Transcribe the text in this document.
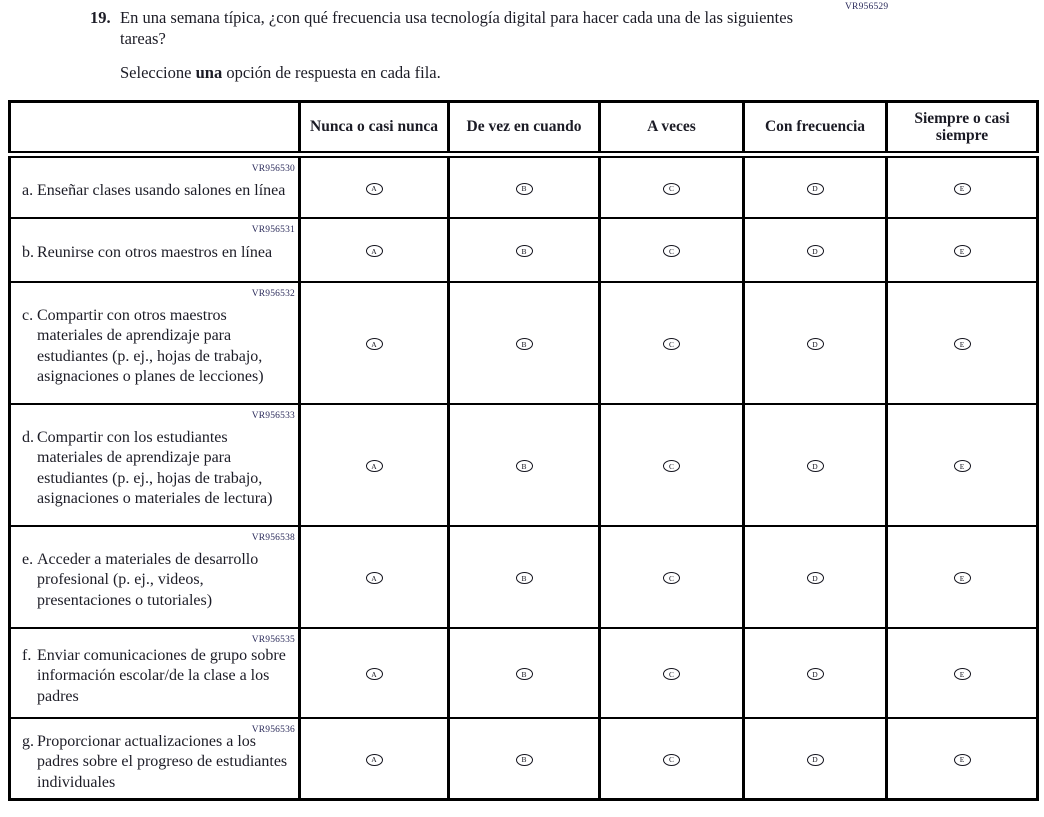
VR956529
19. En una semana típica, ¿con qué frecuencia usa tecnología digital para hacer cada una de las siguientes tareas?

Seleccione una opción de respuesta en cada fila.

	Nunca o casi nunca	De vez en cuando	A veces	Con frecuencia	Siempre o casi siempre

VR956530
a. Enseñar clases usando salones en línea	A	B	C	D	E

VR956531
b. Reunirse con otros maestros en línea	A	B	C	D	E

VR956532
c. Compartir con otros maestros materiales de aprendizaje para estudiantes (p. ej., hojas de trabajo, asignaciones o planes de lecciones)	A	B	C	D	E

VR956533
d. Compartir con los estudiantes materiales de aprendizaje para estudiantes (p. ej., hojas de trabajo, asignaciones o materiales de lectura)	A	B	C	D	E

VR956538
e. Acceder a materiales de desarrollo profesional (p. ej., videos, presentaciones o tutoriales)	A	B	C	D	E

VR956535
f. Enviar comunicaciones de grupo sobre información escolar/de la clase a los padres	A	B	C	D	E

VR956536
g. Proporcionar actualizaciones a los padres sobre el progreso de estudiantes individuales	A	B	C	D	E
